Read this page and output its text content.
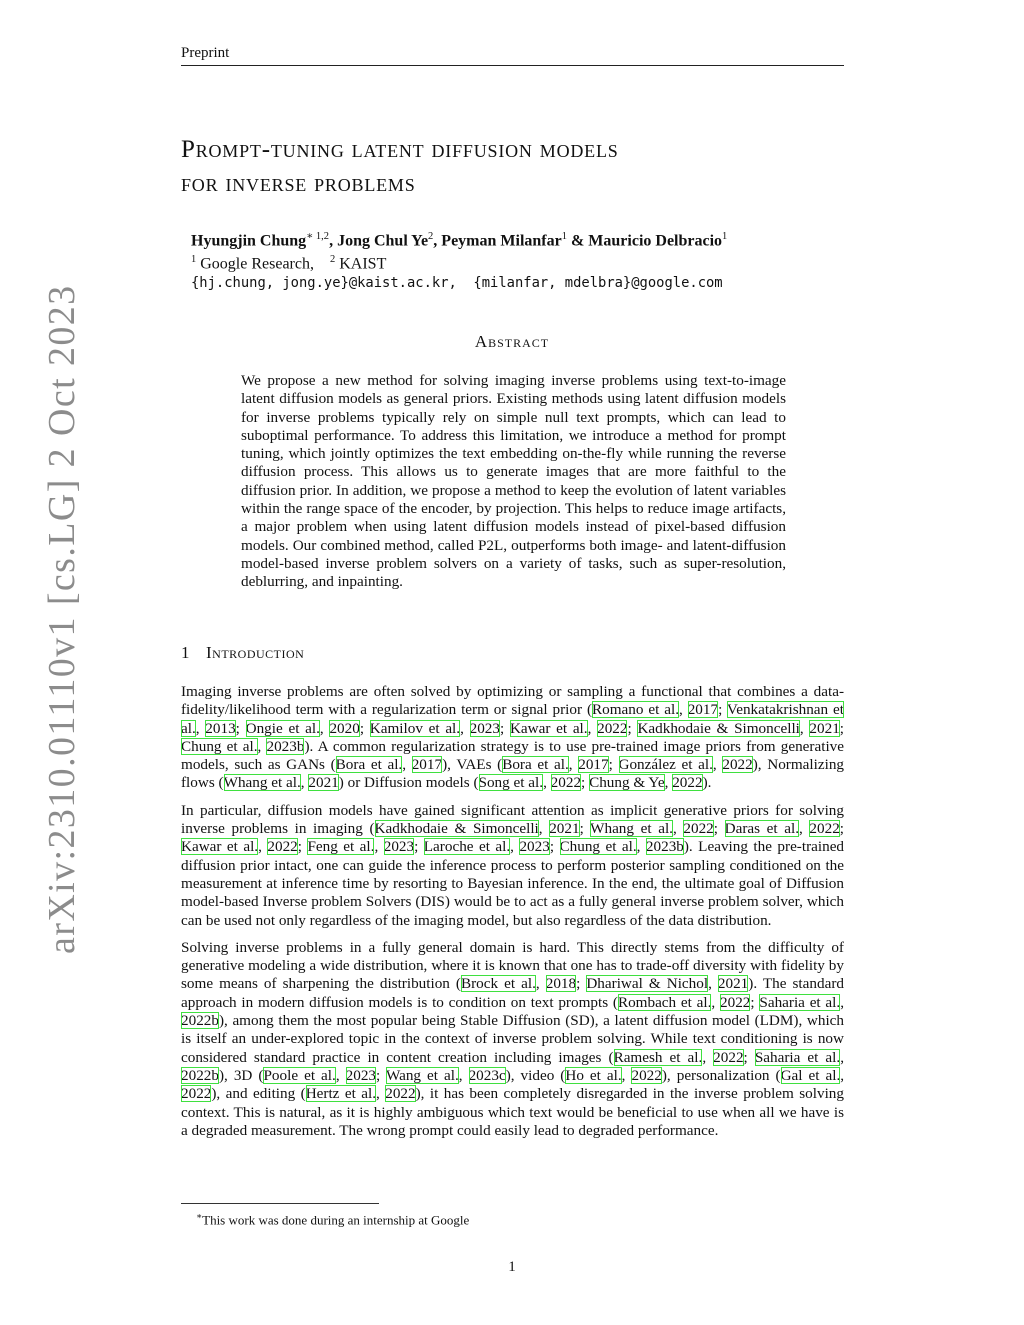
Preprint
arXiv:2310.01110v1 [cs.LG] 2 Oct 2023
Prompt-tuning latent diffusion models
for inverse problems
Hyungjin Chung$^{∗ 1,2}$, Jong Chul Ye$^2$, Peyman Milanfar$^1$ & Mauricio Delbracio$^1$
$^1$ Google Research, $^2$ KAIST
{hj.chung, jong.ye}@kaist.ac.kr,  {milanfar, mdelbra}@google.com
Abstract
We propose a new method for solving imaging inverse problems using text-to-image latent diffusion models as general priors. Existing methods using latent diffusion models for inverse problems typically rely on simple null text prompts, which can lead to suboptimal performance. To address this limitation, we introduce a method for prompt tuning, which jointly optimizes the text embedding on-the-fly while running the reverse diffusion process. This allows us to generate images that are more faithful to the diffusion prior. In addition, we propose a method to keep the evolution of latent variables within the range space of the encoder, by projection. This helps to reduce image artifacts, a major problem when using latent diffusion models instead of pixel-based diffusion models. Our combined method, called P2L, outperforms both image- and latent-diffusion model-based inverse problem solvers on a variety of tasks, such as super-resolution, deblurring, and inpainting.
1 Introduction

Imaging inverse problems are often solved by optimizing or sampling a functional that combines a data-fidelity/likelihood term with a regularization term or signal prior (Romano et al., 2017; Venkatakrishnan et al., 2013; Ongie et al., 2020; Kamilov et al., 2023; Kawar et al., 2022; Kadkhodaie & Simoncelli, 2021; Chung et al., 2023b). A common regularization strategy is to use pre-trained image priors from generative models, such as GANs (Bora et al., 2017), VAEs (Bora et al., 2017; González et al., 2022), Normalizing flows (Whang et al., 2021) or Diffusion models (Song et al., 2022; Chung & Ye, 2022).

In particular, diffusion models have gained significant attention as implicit generative priors for solving inverse problems in imaging (Kadkhodaie & Simoncelli, 2021; Whang et al., 2022; Daras et al., 2022; Kawar et al., 2022; Feng et al., 2023; Laroche et al., 2023; Chung et al., 2023b). Leaving the pre-trained diffusion prior intact, one can guide the inference process to perform posterior sampling conditioned on the measurement at inference time by resorting to Bayesian inference. In the end, the ultimate goal of Diffusion model-based Inverse problem Solvers (DIS) would be to act as a fully general inverse problem solver, which can be used not only regardless of the imaging model, but also regardless of the data distribution.

Solving inverse problems in a fully general domain is hard. This directly stems from the difficulty of generative modeling a wide distribution, where it is known that one has to trade-off diversity with fidelity by some means of sharpening the distribution (Brock et al., 2018; Dhariwal & Nichol, 2021). The standard approach in modern diffusion models is to condition on text prompts (Rombach et al., 2022; Saharia et al., 2022b), among them the most popular being Stable Diffusion (SD), a latent diffusion model (LDM), which is itself an under-explored topic in the context of inverse problem solving. While text conditioning is now considered standard practice in content creation including images (Ramesh et al., 2022; Saharia et al., 2022b), 3D (Poole et al., 2023; Wang et al., 2023c), video (Ho et al., 2022), personalization (Gal et al., 2022), and editing (Hertz et al., 2022), it has been completely disregarded in the inverse problem solving context. This is natural, as it is highly ambiguous which text would be beneficial to use when all we have is a degraded measurement. The wrong prompt could easily lead to degraded performance.

∗This work was done during an internship at Google
1
